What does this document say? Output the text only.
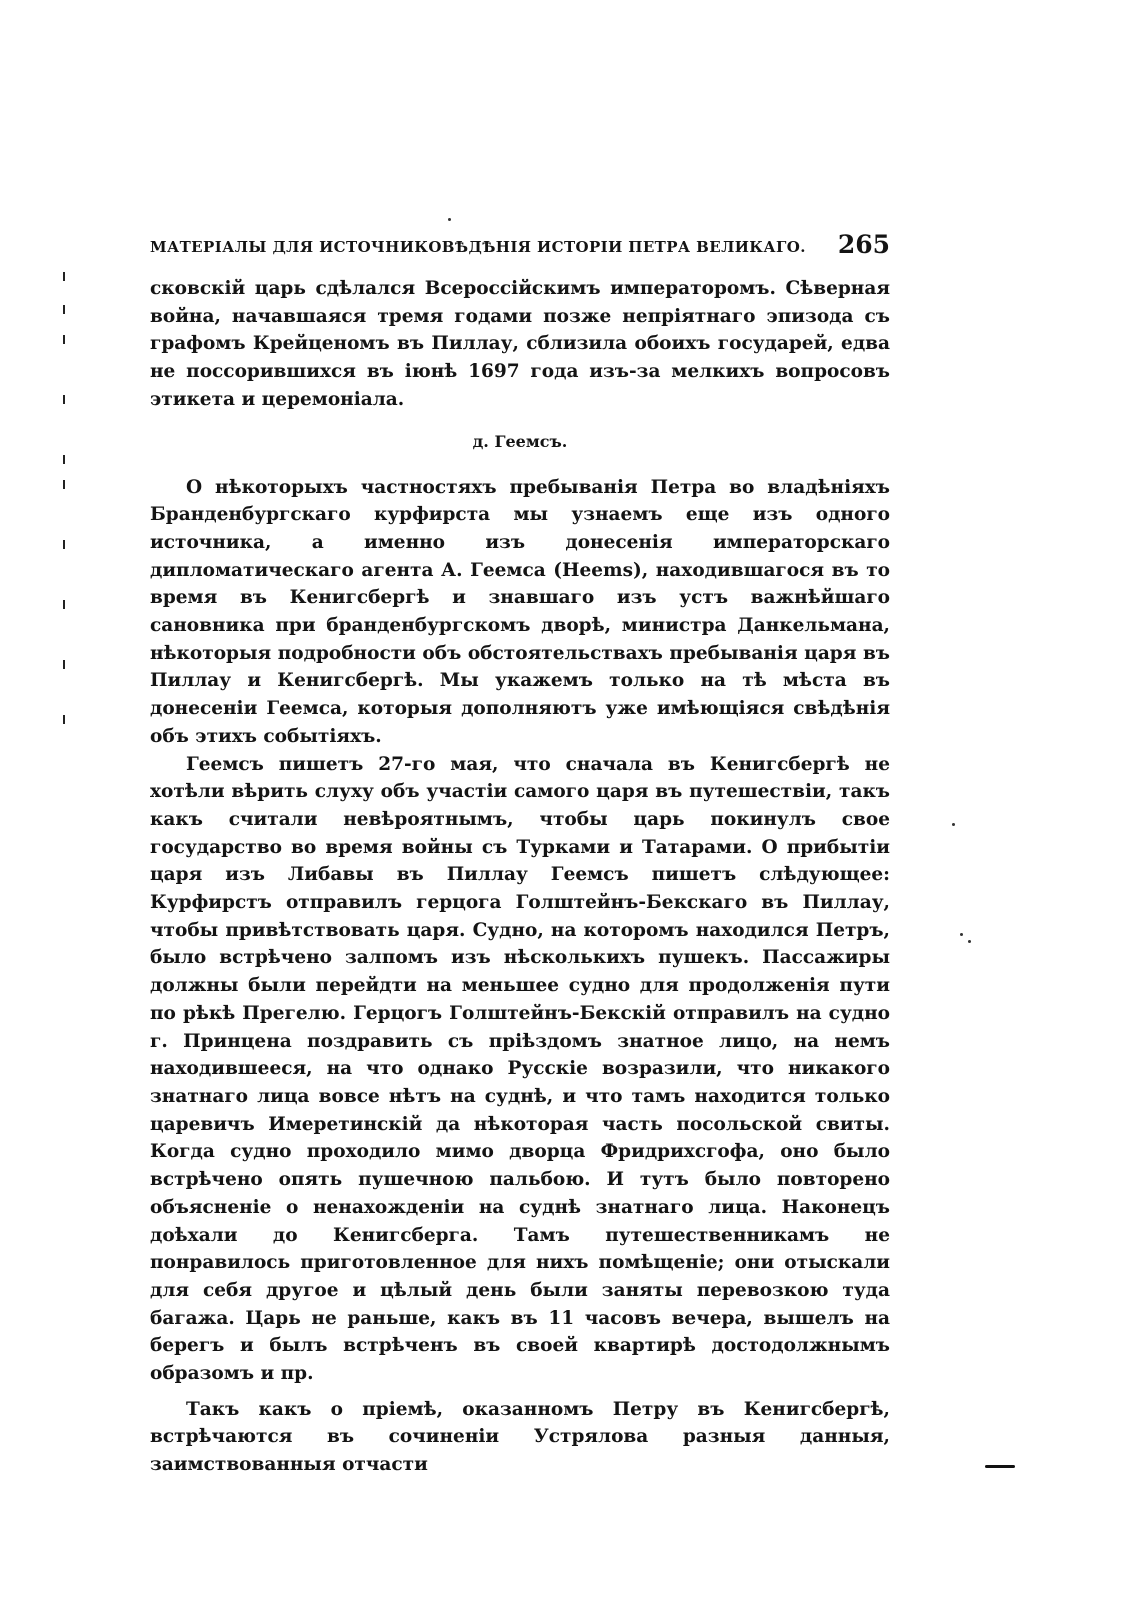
МАТЕРІАЛЫ ДЛЯ ИСТОЧНИКОВѢДѢНІЯ ИСТОРІИ ПЕТРА ВЕЛИКАГО. 265

сковскій царь сдѣлался Всероссійскимъ императоромъ. Сѣверная война, начавшаяся тремя годами позже непріятнаго эпизода съ графомъ Крейценомъ въ Пиллау, сблизила обоихъ государей, едва не поссорившихся въ іюнѣ 1697 года изъ-за мелкихъ вопросовъ этикета и церемоніала.

д. Геемсъ.

О нѣкоторыхъ частностяхъ пребыванія Петра во владѣніяхъ Бранденбургскаго курфирста мы узнаемъ еще изъ одного источника, а именно изъ донесенія императорскаго дипломатическаго агента А. Геемса (Heems), находившагося въ то время въ Кенигсбергѣ и знавшаго изъ устъ важнѣйшаго сановника при бранденбургскомъ дворѣ, министра Данкельмана, нѣкоторыя подробности объ обстоятельствахъ пребыванія царя въ Пиллау и Кенигсбергѣ. Мы укажемъ только на тѣ мѣста въ донесеніи Геемса, которыя дополняютъ уже имѣющіяся свѣдѣнія объ этихъ событіяхъ.

Геемсъ пишетъ 27-го мая, что сначала въ Кенигсбергѣ не хотѣли вѣрить слуху объ участіи самого царя въ путешествіи, такъ какъ считали невѣроятнымъ, чтобы царь покинулъ свое государство во время войны съ Турками и Татарами. О прибытіи царя изъ Либавы въ Пиллау Геемсъ пишетъ слѣдующее: Курфирстъ отправилъ герцога Голштейнъ-Бекскаго въ Пиллау, чтобы привѣтствовать царя. Судно, на которомъ находился Петръ, было встрѣчено залпомъ изъ нѣсколькихъ пушекъ. Пассажиры должны были перейдти на меньшее судно для продолженія пути по рѣкѣ Прегелю. Герцогъ Голштейнъ-Бекскій отправилъ на судно г. Принцена поздравить съ пріѣздомъ знатное лицо, на немъ находившееся, на что однако Русскіе возразили, что никакого знатнаго лица вовсе нѣтъ на суднѣ, и что тамъ находится только царевичъ Имеретинскій да нѣкоторая часть посольской свиты. Когда судно проходило мимо дворца Фридрихсгофа, оно было встрѣчено опять пушечною пальбою. И тутъ было повторено объясненіе о ненахожденіи на суднѣ знатнаго лица. Наконецъ доѣхали до Кенигсберга. Тамъ путешественникамъ не понравилось приготовленное для нихъ помѣщеніе; они отыскали для себя другое и цѣлый день были заняты перевозкою туда багажа. Царь не раньше, какъ въ 11 часовъ вечера, вышелъ на берегъ и былъ встрѣченъ въ своей квартирѣ достодолжнымъ образомъ и пр.

Такъ какъ о пріемѣ, оказанномъ Петру въ Кенигсбергѣ, встрѣчаются въ сочиненіи Устрялова разныя данныя, заимствованныя отчасти
